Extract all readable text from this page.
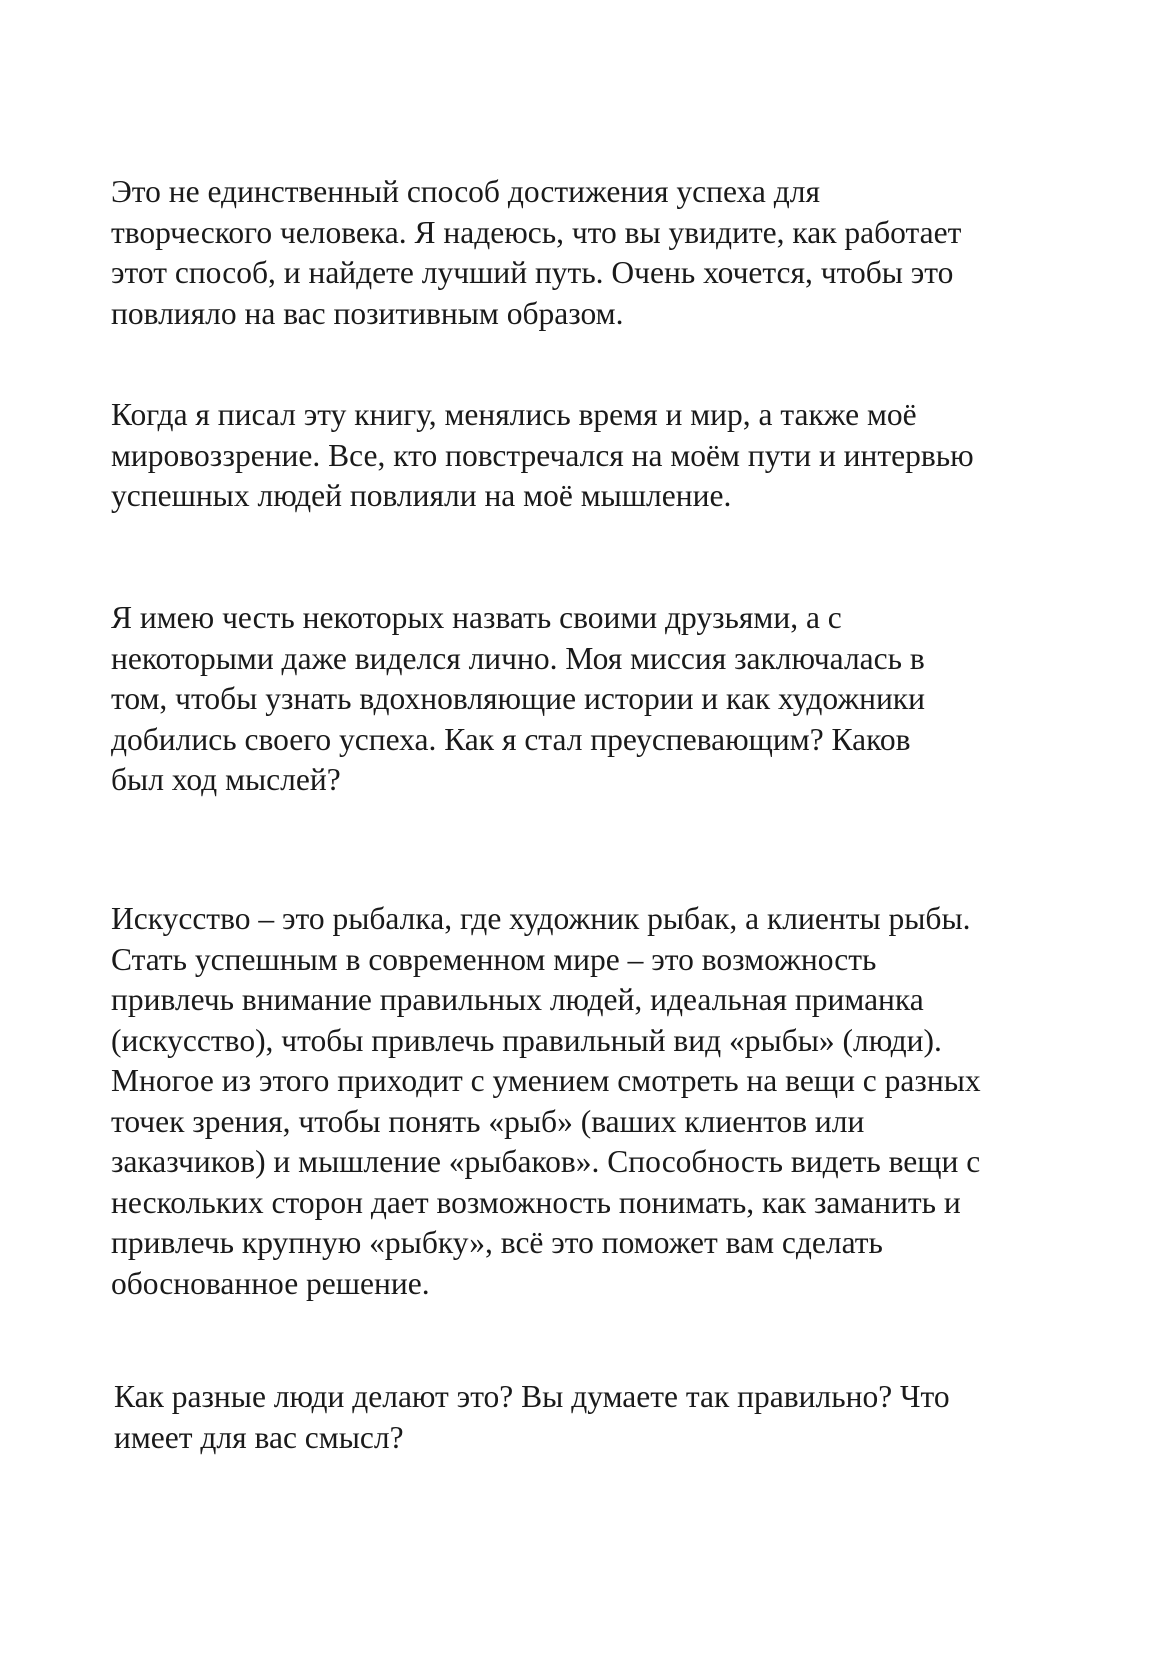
Это не единственный способ достижения успеха для
творческого человека. Я надеюсь, что вы увидите, как работает
этот способ, и найдете лучший путь. Очень хочется, чтобы это
повлияло на вас позитивным образом.

Когда я писал эту книгу, менялись время и мир, а также моё
мировоззрение. Все, кто повстречался на моём пути и интервью
успешных людей повлияли на моё мышление.

Я имею честь некоторых назвать своими друзьями, а с
некоторыми даже виделся лично. Моя миссия заключалась в
том, чтобы узнать вдохновляющие истории и как художники
добились своего успеха. Как я стал преуспевающим? Каков
был ход мыслей?

Искусство – это рыбалка, где художник рыбак, а клиенты рыбы.
Стать успешным в современном мире – это возможность
привлечь внимание правильных людей, идеальная приманка
(искусство), чтобы привлечь правильный вид «рыбы» (люди).
Многое из этого приходит с умением смотреть на вещи с разных
точек зрения, чтобы понять «рыб» (ваших клиентов или
заказчиков) и мышление «рыбаков». Способность видеть вещи с
нескольких сторон дает возможность понимать, как заманить и
привлечь крупную «рыбку», всё это поможет вам сделать
обоснованное решение.

Как разные люди делают это? Вы думаете так правильно? Что
имеет для вас смысл?
